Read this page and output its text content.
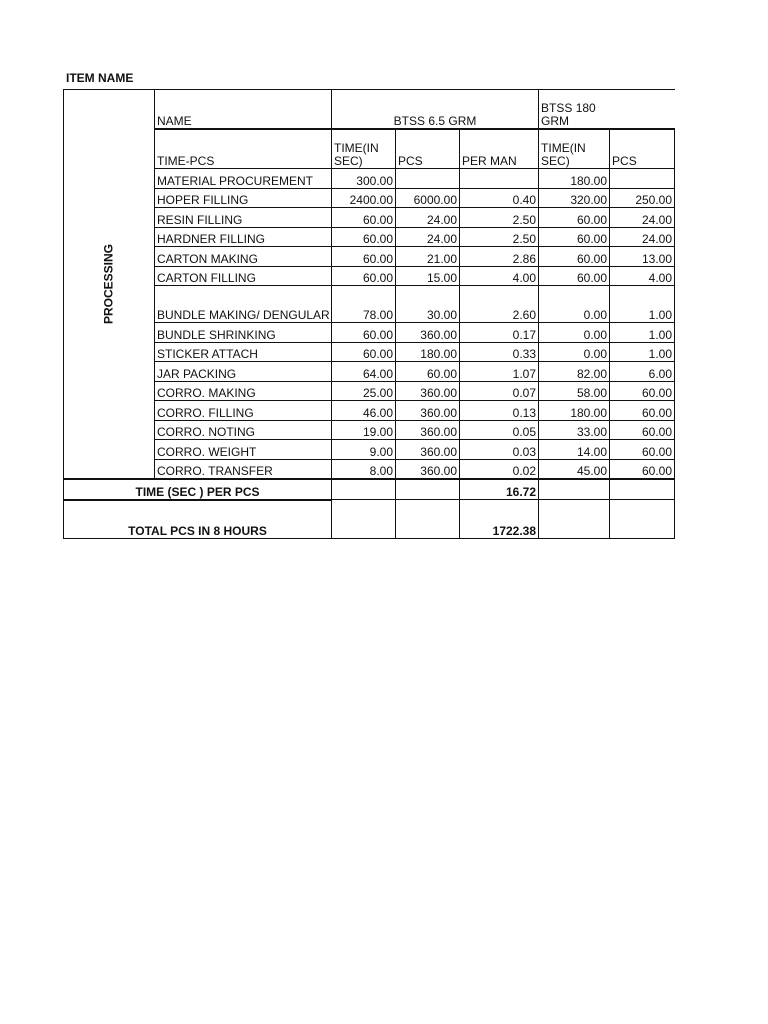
ITEM NAME
PROCESSING	NAME	BTSS 6.5 GRM			BTSS 180 GRM	
	TIME-PCS	TIME(IN SEC)	PCS	PER MAN	TIME(IN SEC)	PCS
	MATERIAL PROCUREMENT	300.00			180.00	
	HOPER FILLING	2400.00	6000.00	0.40	320.00	250.00
	RESIN FILLING	60.00	24.00	2.50	60.00	24.00
	HARDNER FILLING	60.00	24.00	2.50	60.00	24.00
	CARTON MAKING	60.00	21.00	2.86	60.00	13.00
	CARTON FILLING	60.00	15.00	4.00	60.00	4.00
	BUNDLE MAKING/ DENGULAR	78.00	30.00	2.60	0.00	1.00
	BUNDLE SHRINKING	60.00	360.00	0.17	0.00	1.00
	STICKER ATTACH	60.00	180.00	0.33	0.00	1.00
	JAR PACKING	64.00	60.00	1.07	82.00	6.00
	CORRO. MAKING	25.00	360.00	0.07	58.00	60.00
	CORRO. FILLING	46.00	360.00	0.13	180.00	60.00
	CORRO. NOTING	19.00	360.00	0.05	33.00	60.00
	CORRO. WEIGHT	9.00	360.00	0.03	14.00	60.00
	CORRO. TRANSFER	8.00	360.00	0.02	45.00	60.00
TIME (SEC ) PER PCS				16.72		
TOTAL PCS IN 8 HOURS				1722.38		
